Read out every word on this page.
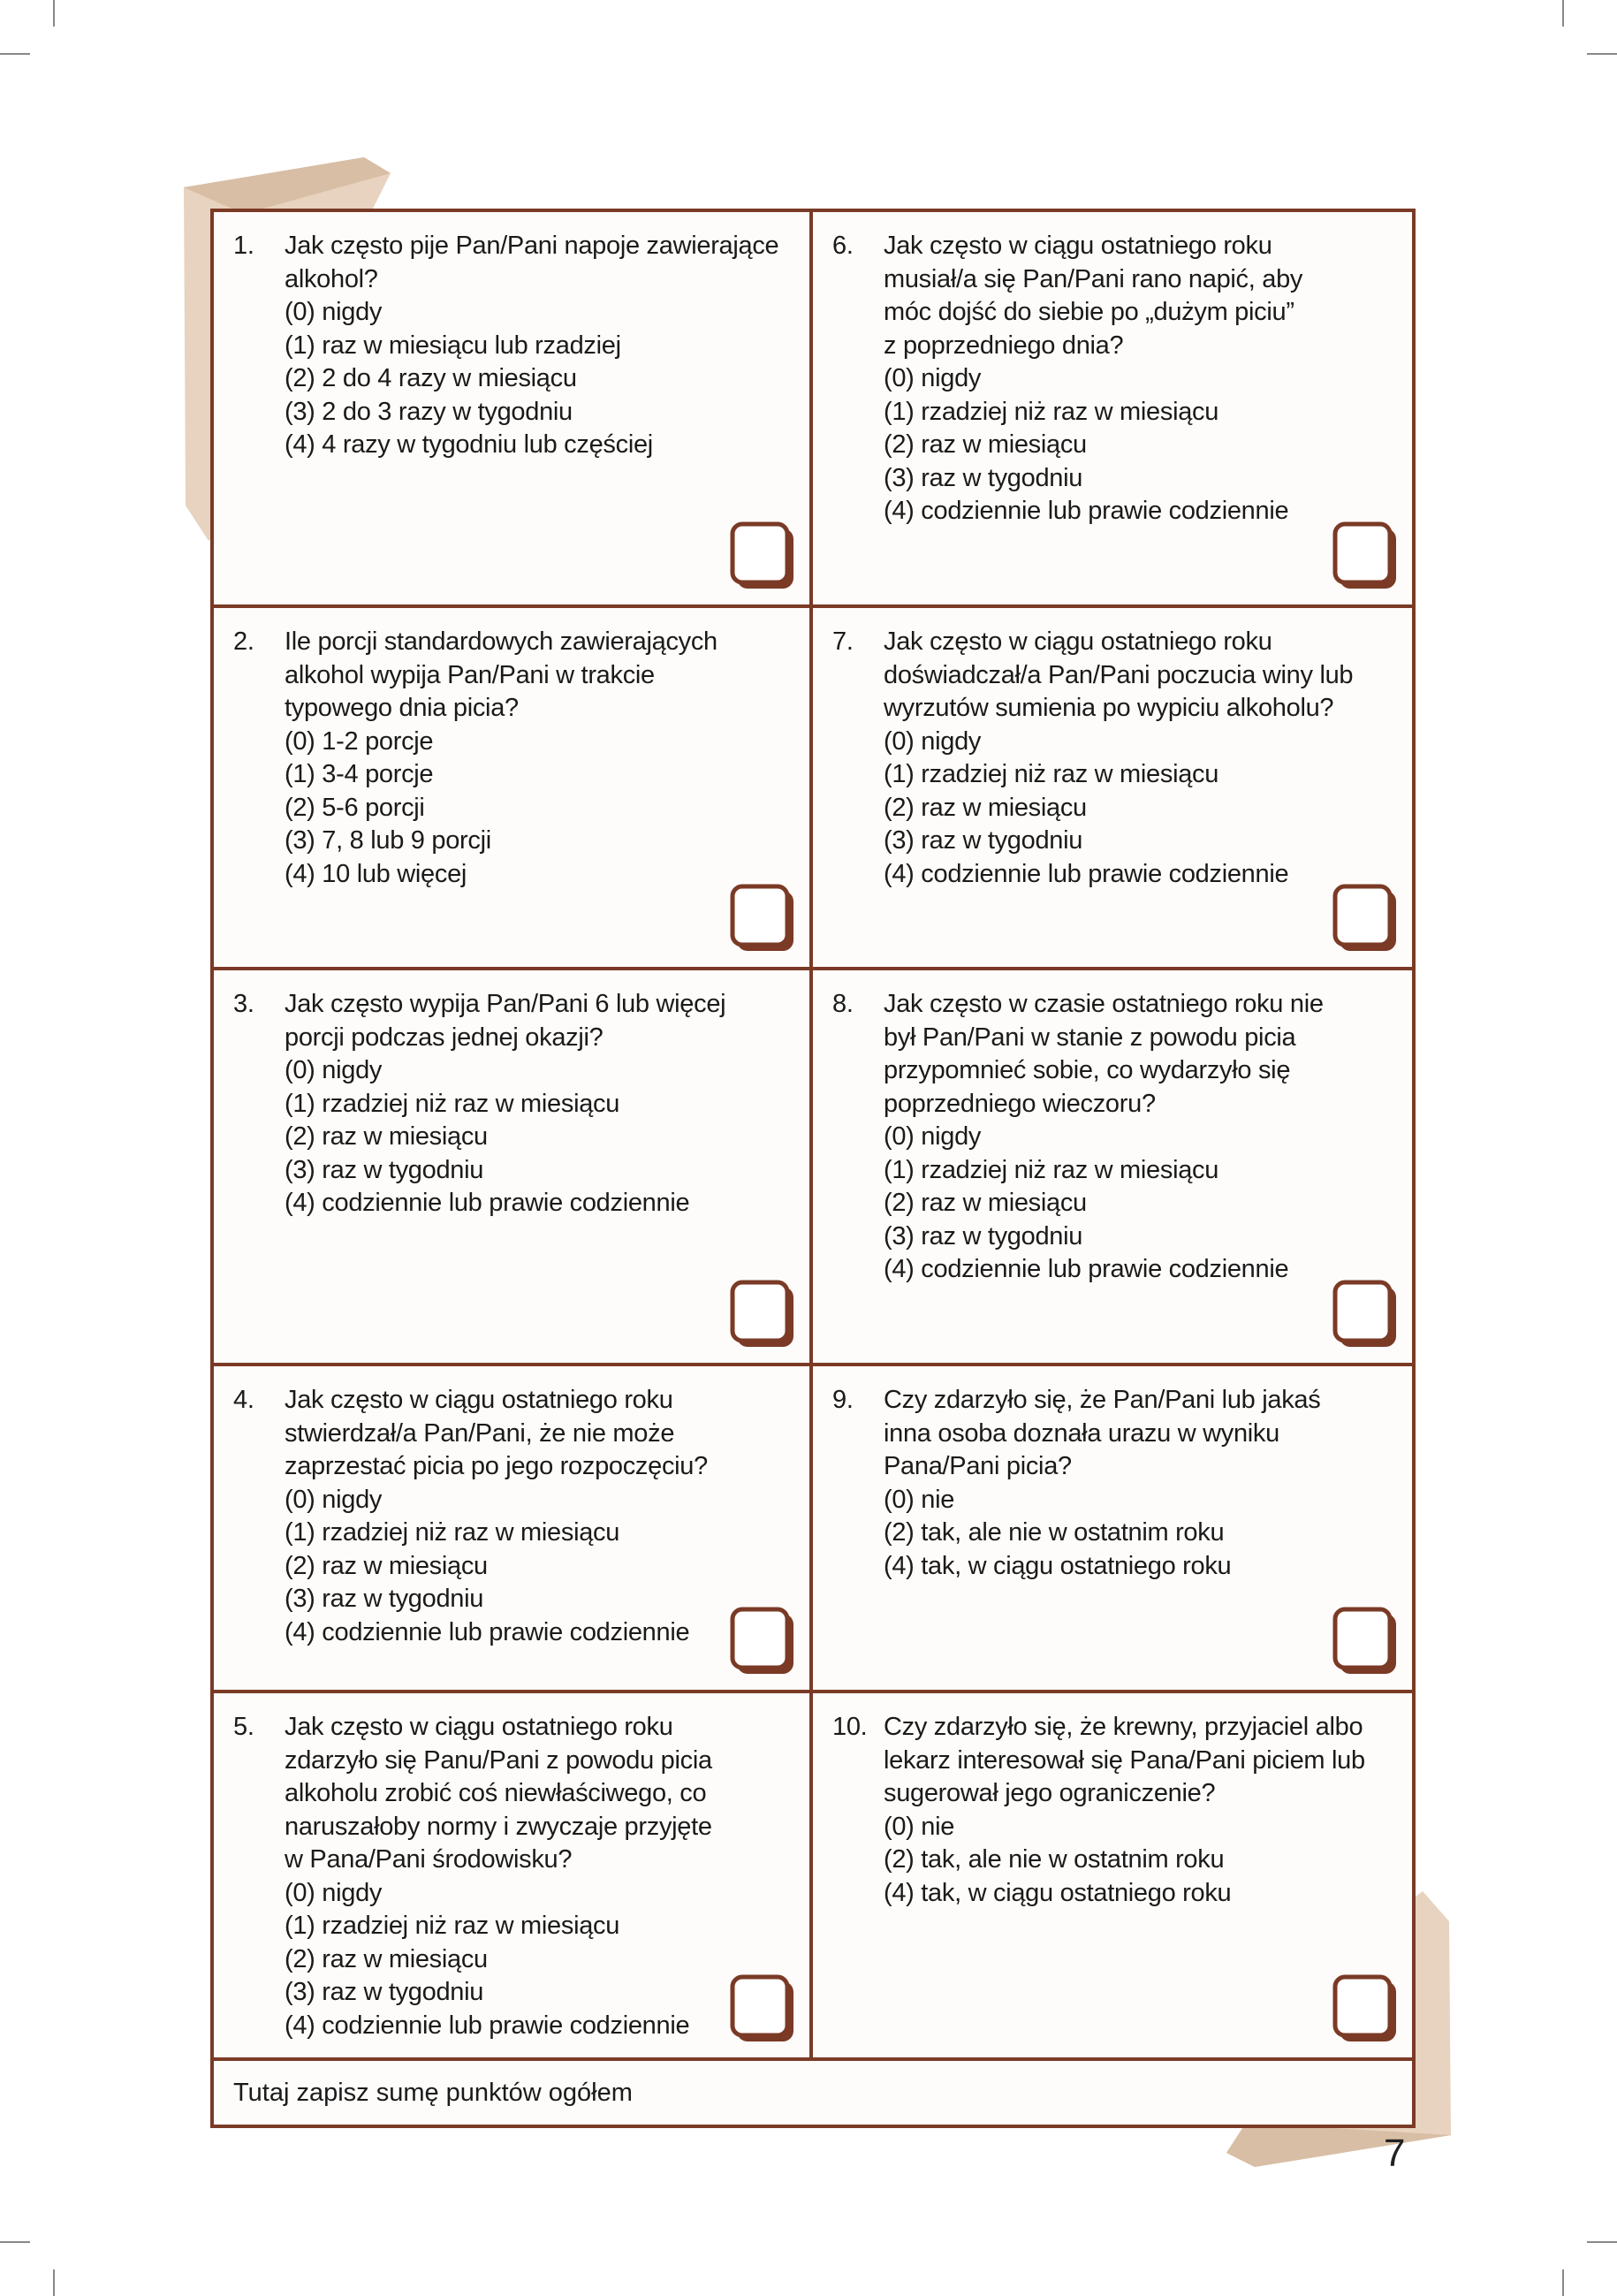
1.	Jak często pije Pan/Pani napoje zawierające
alkohol?
(0) nigdy
(1) raz w miesiącu lub rzadziej
(2) 2 do 4 razy w miesiącu
(3) 2 do 3 razy w tygodniu
(4) 4 razy w tygodniu lub częściej
6.	Jak często w ciągu ostatniego roku
musiał/a się Pan/Pani rano napić, aby
móc dojść do siebie po „dużym piciu”
z poprzedniego dnia?
(0) nigdy
(1) rzadziej niż raz w miesiącu
(2) raz w miesiącu
(3) raz w tygodniu
(4) codziennie lub prawie codziennie
2.	Ile porcji standardowych zawierających
alkohol wypija Pan/Pani w trakcie
typowego dnia picia?
(0) 1-2 porcje
(1) 3-4 porcje
(2) 5-6 porcji
(3) 7, 8 lub 9 porcji
(4) 10 lub więcej
7.	Jak często w ciągu ostatniego roku
doświadczał/a Pan/Pani poczucia winy lub
wyrzutów sumienia po wypiciu alkoholu?
(0) nigdy
(1) rzadziej niż raz w miesiącu
(2) raz w miesiącu
(3) raz w tygodniu
(4) codziennie lub prawie codziennie
3.	Jak często wypija Pan/Pani 6 lub więcej
porcji podczas jednej okazji?
(0) nigdy
(1) rzadziej niż raz w miesiącu
(2) raz w miesiącu
(3) raz w tygodniu
(4) codziennie lub prawie codziennie
8.	Jak często w czasie ostatniego roku nie
był Pan/Pani w stanie z powodu picia
przypomnieć sobie, co wydarzyło się
poprzedniego wieczoru?
(0) nigdy
(1) rzadziej niż raz w miesiącu
(2) raz w miesiącu
(3) raz w tygodniu
(4) codziennie lub prawie codziennie
4.	Jak często w ciągu ostatniego roku
stwierdzał/a Pan/Pani, że nie może
zaprzestać picia po jego rozpoczęciu?
(0) nigdy
(1) rzadziej niż raz w miesiącu
(2) raz w miesiącu
(3) raz w tygodniu
(4) codziennie lub prawie codziennie
9.	Czy zdarzyło się, że Pan/Pani lub jakaś
inna osoba doznała urazu w wyniku
Pana/Pani picia?
(0) nie
(2) tak, ale nie w ostatnim roku
(4) tak, w ciągu ostatniego roku
5.	Jak często w ciągu ostatniego roku
zdarzyło się Panu/Pani z powodu picia
alkoholu zrobić coś niewłaściwego, co
naruszałoby normy i zwyczaje przyjęte
w Pana/Pani środowisku?
(0) nigdy
(1) rzadziej niż raz w miesiącu
(2) raz w miesiącu
(3) raz w tygodniu
(4) codziennie lub prawie codziennie
10. Czy zdarzyło się, że krewny, przyjaciel albo
lekarz interesował się Pana/Pani piciem lub
sugerował jego ograniczenie?
(0) nie
(2) tak, ale nie w ostatnim roku
(4) tak, w ciągu ostatniego roku
Tutaj zapisz sumę punktów ogółem
7
